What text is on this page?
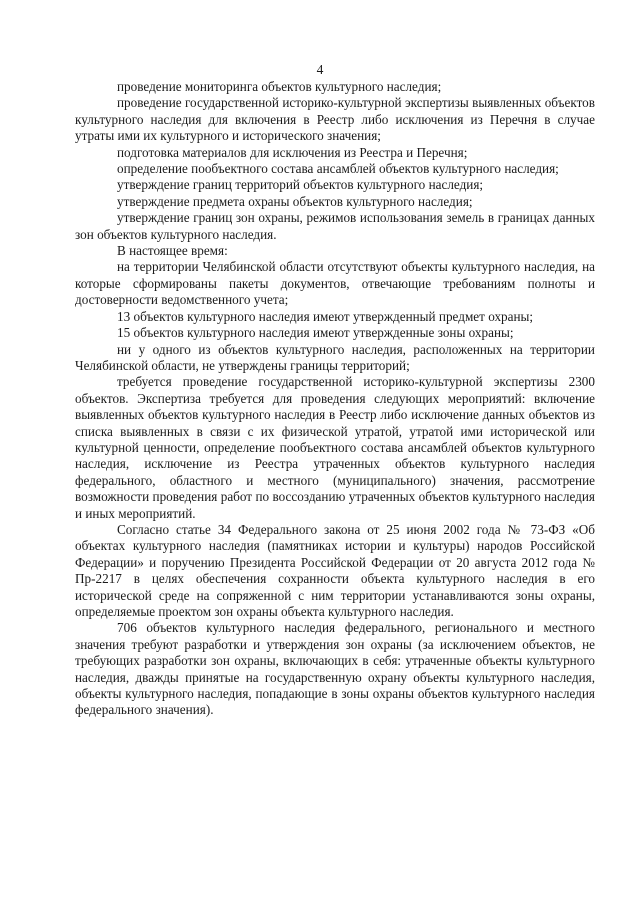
4

проведение мониторинга объектов культурного наследия;

проведение государственной историко-культурной экспертизы выявленных объектов культурного наследия для включения в Реестр либо исключения из Перечня в случае утраты ими их культурного и исторического значения;

подготовка материалов для исключения из Реестра и Перечня;

определение пообъектного состава ансамблей объектов культурного наследия;

утверждение границ территорий объектов культурного наследия;

утверждение предмета охраны объектов культурного наследия;

утверждение границ зон охраны, режимов использования земель в границах данных зон объектов культурного наследия.

В настоящее время:

на территории Челябинской области отсутствуют объекты культурного наследия, на которые сформированы пакеты документов, отвечающие требованиям полноты и достоверности ведомственного учета;

13 объектов культурного наследия имеют утвержденный предмет охраны;

15 объектов культурного наследия имеют утвержденные зоны охраны;

ни у одного из объектов культурного наследия, расположенных на территории Челябинской области, не утверждены границы территорий;

требуется проведение государственной историко-культурной экспертизы 2300 объектов. Экспертиза требуется для проведения следующих мероприятий: включение выявленных объектов культурного наследия в Реестр либо исключение данных объектов из списка выявленных в связи с их физической утратой, утратой ими исторической или культурной ценности, определение пообъектного состава ансамблей объектов культурного наследия, исключение из Реестра утраченных объектов культурного наследия федерального, областного и местного (муниципального) значения, рассмотрение возможности проведения работ по воссозданию утраченных объектов культурного наследия и иных мероприятий.

Согласно статье 34 Федерального закона от 25 июня 2002 года № 73-ФЗ «Об объектах культурного наследия (памятниках истории и культуры) народов Российской Федерации» и поручению Президента Российской Федерации от 20 августа 2012 года № Пр-2217 в целях обеспечения сохранности объекта культурного наследия в его исторической среде на сопряженной с ним территории устанавливаются зоны охраны, определяемые проектом зон охраны объекта культурного наследия.

706 объектов культурного наследия федерального, регионального и местного значения требуют разработки и утверждения зон охраны (за исключением объектов, не требующих разработки зон охраны, включающих в себя: утраченные объекты культурного наследия, дважды принятые на государственную охрану объекты культурного наследия, объекты культурного наследия, попадающие в зоны охраны объектов культурного наследия федерального значения).
